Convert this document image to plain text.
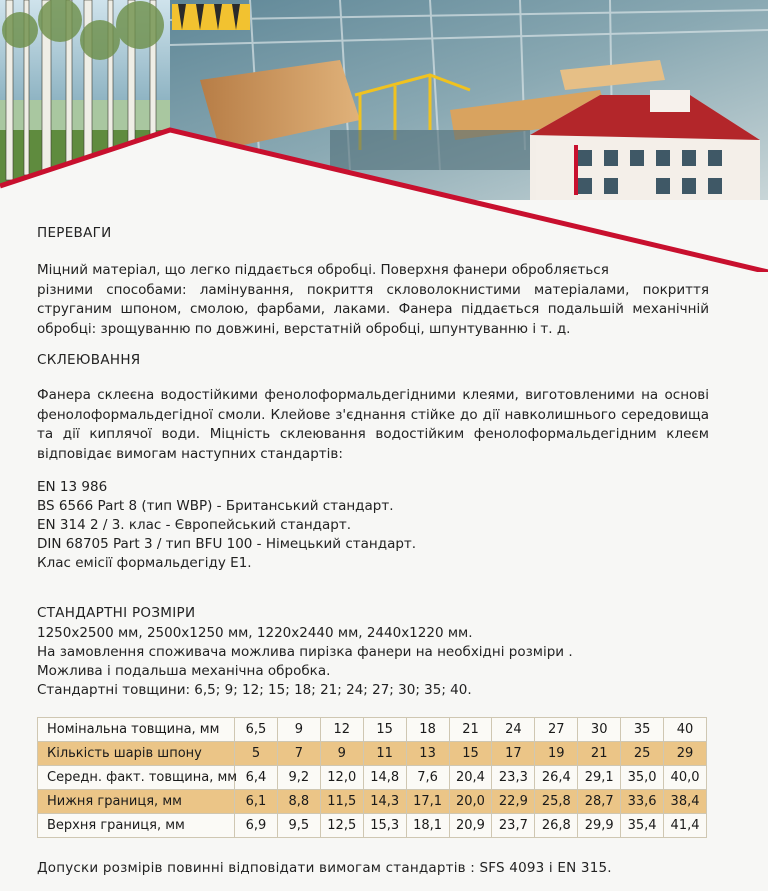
ПЕРЕВАГИ
Міцний матеріал, що легко піддається обробці. Поверхня фанери обробляється
різними способами: ламінування, покриття скловолокнистими матеріалами, покриття
струганим шпоном, смолою, фарбами, лаками. Фанера піддається подальшій механічній
обробці: зрощуванню по довжині, верстатній обробці, шпунтуванню і т. д.
СКЛЕЮВАННЯ
Фанера склеєна водостійкими фенолоформальдегідними клеями, виготовленими на основі
фенолоформальдегідної смоли. Клейове з'єднання стійке до дії навколишнього середовища
та дії киплячої води. Міцність склеювання водостійким фенолоформальдегідним клеєм
відповідає вимогам наступних стандартів:
EN 13 986
BS 6566 Part 8 (тип WBP) - Британський стандарт.
EN 314 2 / 3. клас - Європейський стандарт.
DIN 68705 Part 3 / тип BFU 100 - Німецький стандарт.
Клас емісії формальдегіду E1.
СТАНДАРТНІ РОЗМІРИ
1250x2500 мм, 2500x1250 мм, 1220x2440 мм, 2440x1220 мм.
На замовлення споживача можлива пирізка фанери на необхідні розміри .
Можлива і подальша механічна обробка.
Стандартні товщини: 6,5; 9; 12; 15; 18; 21; 24; 27; 30; 35; 40.
Номінальна товщина, мм	6,5	9	12	15	18	21	24	27	30	35	40
Кількість шарів шпону	5	7	9	11	13	15	17	19	21	25	29
Середн. факт. товщина, мм	6,4	9,2	12,0	14,8	7,6	20,4	23,3	26,4	29,1	35,0	40,0
Нижня границя, мм	6,1	8,8	11,5	14,3	17,1	20,0	22,9	25,8	28,7	33,6	38,4
Верхня границя, мм	6,9	9,5	12,5	15,3	18,1	20,9	23,7	26,8	29,9	35,4	41,4
Допуски розмірів повинні відповідати вимогам стандартів : SFS 4093 і EN 315.
